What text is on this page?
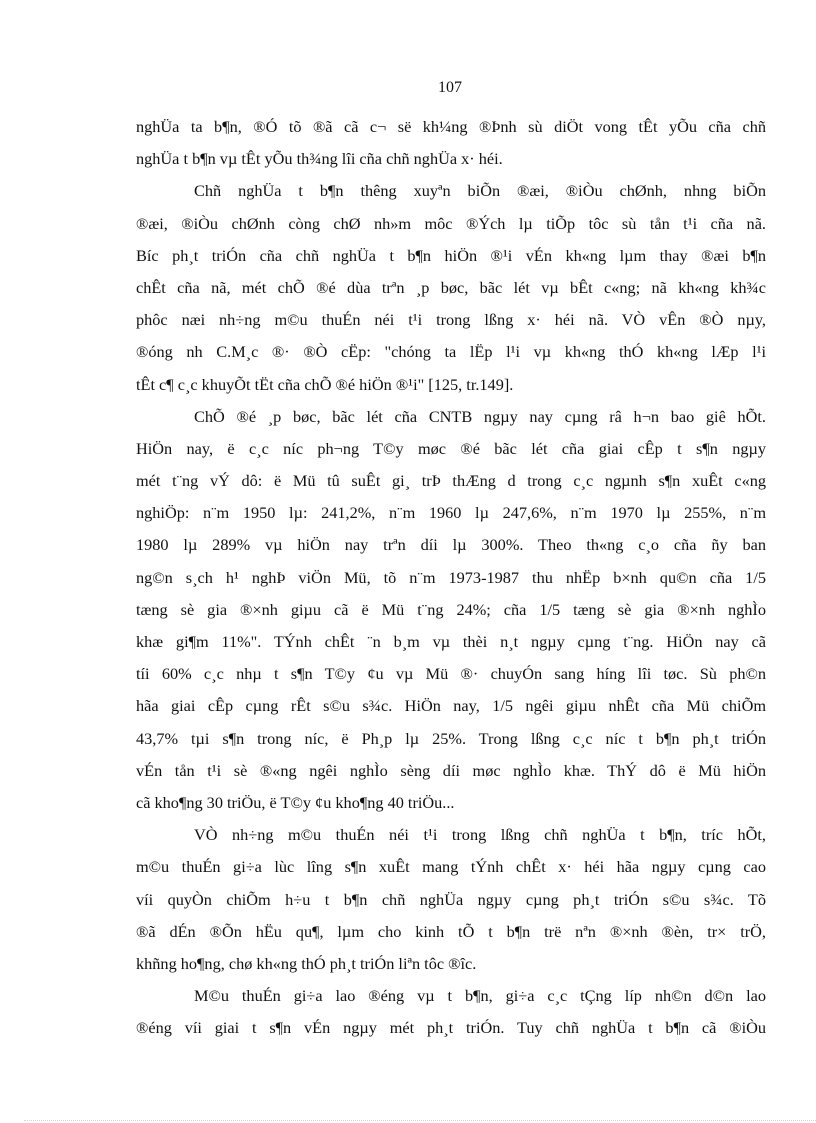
107
nghÜa ta b¶n, ®Ó tõ ®ã cã c¬ së kh¼ng ®Þnh sù diÖt vong tÊt yÕu cña chñ
nghÜa t b¶n vµ tÊt yÕu th¾ng lîi cña chñ nghÜa x· héi.
Chñ nghÜa t b¶n thêng xuyªn biÕn ®æi, ®iÒu chØnh, nhng biÕn
®æi, ®iÒu chØnh còng chØ nh»m môc ®Ých lµ tiÕp tôc sù tån t¹i cña nã.
Bíc ph¸t triÓn cña chñ nghÜa t b¶n hiÖn ®¹i vÉn kh«ng lµm thay ®æi b¶n
chÊt cña nã, mét chÕ ®é dùa trªn ¸p bøc, bãc lét vµ bÊt c«ng; nã kh«ng kh¾c
phôc næi nh÷ng m©u thuÉn néi t¹i trong lßng x· héi nã. VÒ vÊn ®Ò nµy,
®óng nh C.M¸c ®· ®Ò cËp: "chóng ta lËp l¹i vµ kh«ng thÓ kh«ng lÆp l¹i
tÊt c¶ c¸c khuyÕt tËt cña chÕ ®é hiÖn ®¹i" [125, tr.149].
ChÕ ®é ¸p bøc, bãc lét cña CNTB ngµy nay cµng râ h¬n bao giê hÕt.
HiÖn nay, ë c¸c níc ph¬ng T©y møc ®é bãc lét cña giai cÊp t s¶n ngµy
mét t¨ng vÝ dô: ë Mü tû suÊt gi¸ trÞ thÆng d trong c¸c ngµnh s¶n xuÊt c«ng
nghiÖp: n¨m 1950 lµ: 241,2%, n¨m 1960 lµ 247,6%, n¨m 1970 lµ 255%, n¨m
1980 lµ 289% vµ hiÖn nay trªn díi lµ 300%. Theo th«ng c¸o cña ñy ban
ng©n s¸ch h¹ nghÞ viÖn Mü, tõ n¨m 1973-1987 thu nhËp b×nh qu©n cña 1/5
tæng sè gia ®×nh giµu cã ë Mü t¨ng 24%; cña 1/5 tæng sè gia ®×nh nghÌo
khæ gi¶m 11%". TÝnh chÊt ¨n b¸m vµ thèi n¸t ngµy cµng t¨ng. HiÖn nay cã
tíi 60% c¸c nhµ t s¶n T©y ¢u vµ Mü ®· chuyÓn sang híng lîi tøc. Sù ph©n
hãa giai cÊp cµng rÊt s©u s¾c. HiÖn nay, 1/5 ngêi giµu nhÊt cña Mü chiÕm
43,7% tµi s¶n trong níc, ë Ph¸p lµ 25%. Trong lßng c¸c níc t b¶n ph¸t triÓn
vÉn tån t¹i sè ®«ng ngêi nghÌo sèng díi møc nghÌo khæ. ThÝ dô ë Mü hiÖn
cã kho¶ng 30 triÖu, ë T©y ¢u kho¶ng 40 triÖu...
VÒ nh÷ng m©u thuÉn néi t¹i trong lßng chñ nghÜa t b¶n, tríc hÕt,
m©u thuÉn gi÷a lùc lîng s¶n xuÊt mang tÝnh chÊt x· héi hãa ngµy cµng cao
víi quyÒn chiÕm h÷u t b¶n chñ nghÜa ngµy cµng ph¸t triÓn s©u s¾c. Tõ
®ã dÉn ®Õn hËu qu¶, lµm cho kinh tÕ t b¶n trë nªn ®×nh ®èn, tr× trÖ,
khñng ho¶ng, chø kh«ng thÓ ph¸t triÓn liªn tôc ®îc.
M©u thuÉn gi÷a lao ®éng vµ t b¶n, gi÷a c¸c tÇng líp nh©n d©n lao
®éng víi giai t s¶n vÉn ngµy mét ph¸t triÓn. Tuy chñ nghÜa t b¶n cã ®iÒu
